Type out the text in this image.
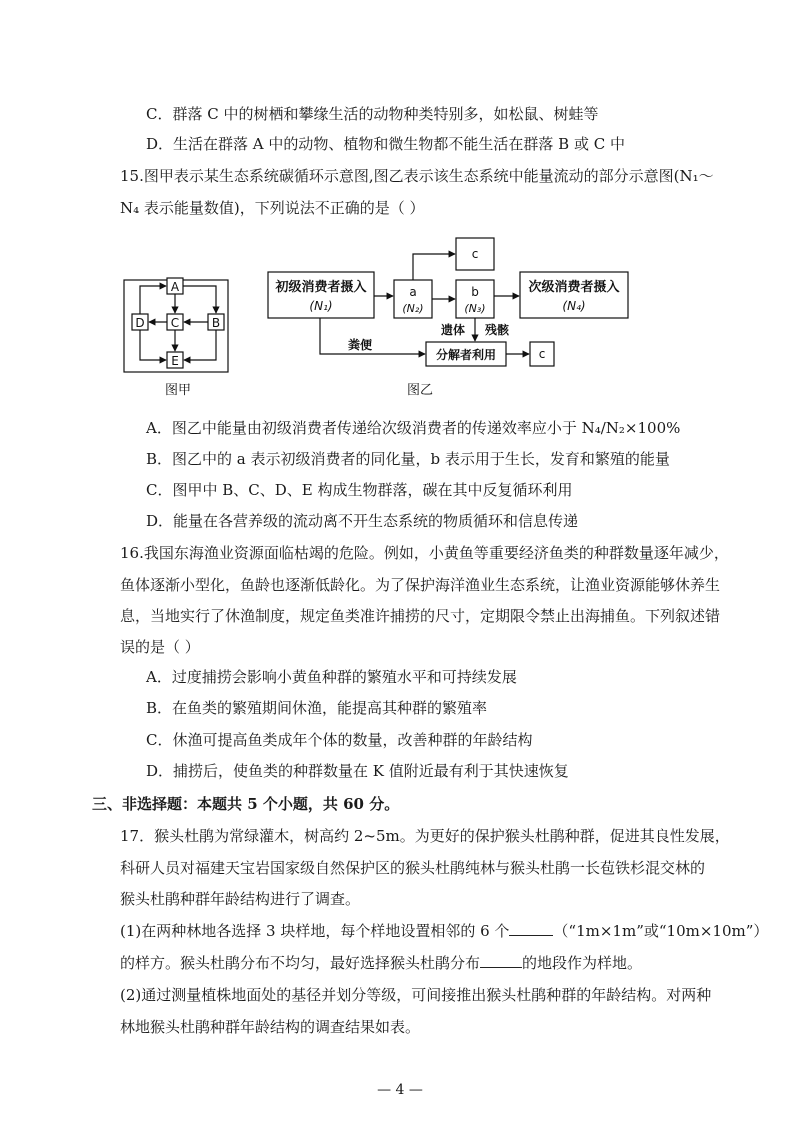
C．群落 C 中的树栖和攀缘生活的动物种类特别多，如松鼠、树蛙等
D．生活在群落 A 中的动物、植物和微生物都不能生活在群落 B 或 C 中
15.图甲表示某生态系统碳循环示意图,图乙表示该生态系统中能量流动的部分示意图(N₁～
N₄ 表示能量数值)，下列说法不正确的是（ ）
A
C
E
D	B
图甲
初级消费者摄入
(N₁)
a
(N₂)
b
(N₃)
c
次级消费者摄入
(N₄)
遗体 残骸
粪便
分解者利用	c
图乙
A．图乙中能量由初级消费者传递给次级消费者的传递效率应小于 N₄/N₂×100%
B．图乙中的 a 表示初级消费者的同化量，b 表示用于生长，发育和繁殖的能量
C．图甲中 B、C、D、E 构成生物群落，碳在其中反复循环利用
D．能量在各营养级的流动离不开生态系统的物质循环和信息传递
16.我国东海渔业资源面临枯竭的危险。例如，小黄鱼等重要经济鱼类的种群数量逐年减少，
鱼体逐渐小型化，鱼龄也逐渐低龄化。为了保护海洋渔业生态系统，让渔业资源能够休养生
息，当地实行了休渔制度，规定鱼类准许捕捞的尺寸，定期限令禁止出海捕鱼。下列叙述错
误的是（ ）
A．过度捕捞会影响小黄鱼种群的繁殖水平和可持续发展
B．在鱼类的繁殖期间休渔，能提高其种群的繁殖率
C．休渔可提高鱼类成年个体的数量，改善种群的年龄结构
D．捕捞后，使鱼类的种群数量在 K 值附近最有利于其快速恢复
三、非选择题：本题共 5 个小题，共 60 分。
17．猴头杜鹃为常绿灌木，树高约 2~5m。为更好的保护猴头杜鹃种群，促进其良性发展，
科研人员对福建天宝岩国家级自然保护区的猴头杜鹃纯林与猴头杜鹃一长苞铁杉混交林的
猴头杜鹃种群年龄结构进行了调查。
(1)在两种林地各选择 3 块样地，每个样地设置相邻的 6 个	（“1m×1m”或“10m×10m”）
的样方。猴头杜鹃分布不均匀，最好选择猴头杜鹃分布	的地段作为样地。
(2)通过测量植株地面处的基径并划分等级，可间接推出猴头杜鹃种群的年龄结构。对两种
林地猴头杜鹃种群年龄结构的调查结果如表。
— 4 —
